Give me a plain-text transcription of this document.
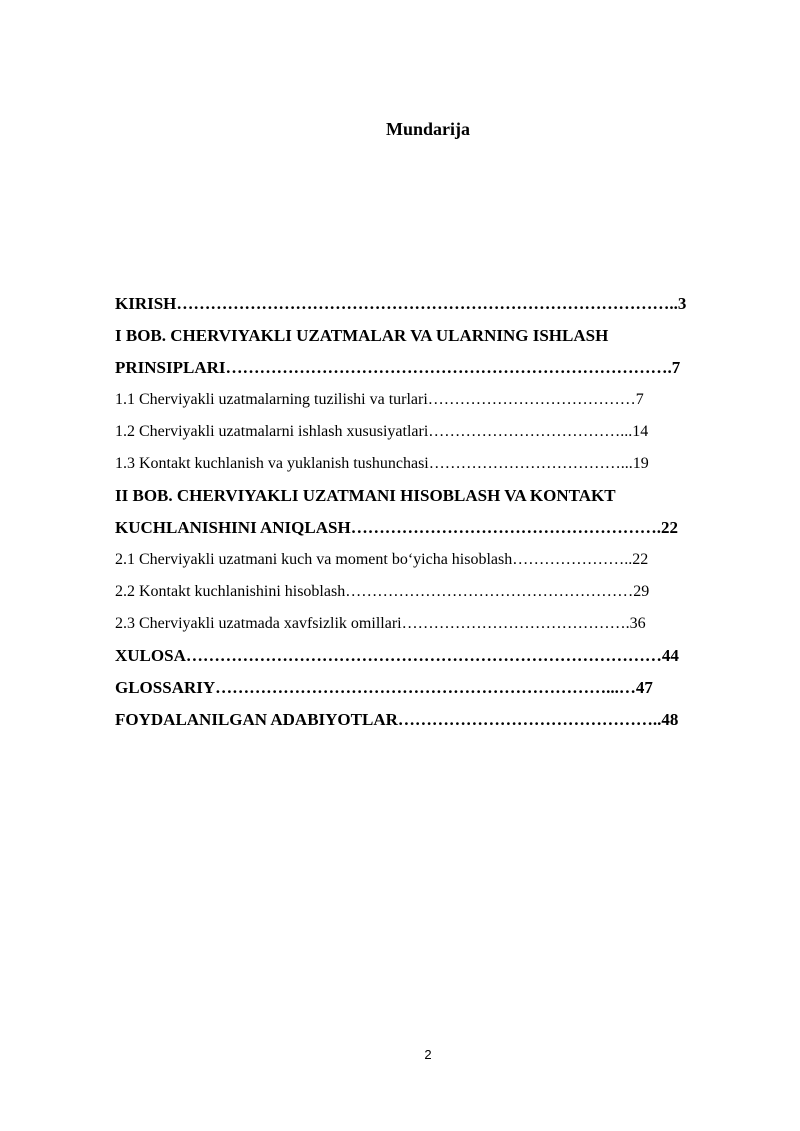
Mundarija
KIRISH……………………………………………………………………………..3
I BOB. CHERVIYAKLI UZATMALAR VA ULARNING ISHLASH
PRINSIPLARI…………………………………………………………………….7
1.1 Cherviyakli uzatmalarning tuzilishi va turlari…………………………………7
1.2 Cherviyakli uzatmalarni ishlash xususiyatlari………………………………...14
1.3 Kontakt kuchlanish va yuklanish tushunchasi………………………………...19
II BOB. CHERVIYAKLI UZATMANI HISOBLASH VA KONTAKT
KUCHLANISHINI ANIQLASH……………………………………………….22
2.1 Cherviyakli uzatmani kuch va moment bo‘yicha hisoblash…………………..22
2.2 Kontakt kuchlanishini hisoblash………………………………………………29
2.3 Cherviyakli uzatmada xavfsizlik omillari…………………………………….36
XULOSA…………………………………………………………………………44
GLOSSARIY……………………………………………………………...…47
FOYDALANILGAN ADABIYOTLAR………………………………………..48
2
